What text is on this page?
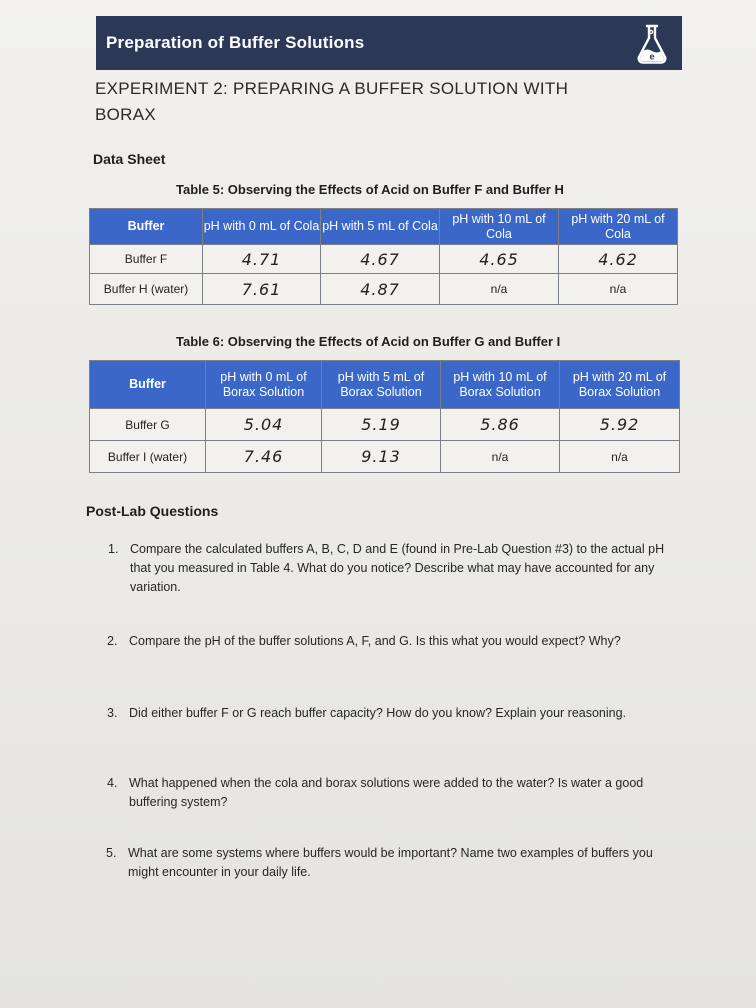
Preparation of Buffer Solutions
e
EXPERIMENT 2: PREPARING A BUFFER SOLUTION WITH
BORAX
Data Sheet
Table 5: Observing the Effects of Acid on Buffer F and Buffer H
Buffer	pH with 0 mL of Cola	pH with 5 mL of Cola	pH with 10 mL of Cola	pH with 20 mL of Cola
Buffer F	4.71	4.67	4.65	4.62
Buffer H (water)	7.61	4.87	n/a	n/a
Table 6: Observing the Effects of Acid on Buffer G and Buffer I
Buffer	pH with 0 mL of Borax Solution	pH with 5 mL of Borax Solution	pH with 10 mL of Borax Solution	pH with 20 mL of Borax Solution
Buffer G	5.04	5.19	5.86	5.92
Buffer I (water)	7.46	9.13	n/a	n/a
Post-Lab Questions
1. Compare the calculated buffers A, B, C, D and E (found in Pre-Lab Question #3) to the actual pH that you measured in Table 4. What do you notice? Describe what may have accounted for any variation.
2. Compare the pH of the buffer solutions A, F, and G. Is this what you would expect? Why?
3. Did either buffer F or G reach buffer capacity? How do you know? Explain your reasoning.
4. What happened when the cola and borax solutions were added to the water? Is water a good buffering system?
5. What are some systems where buffers would be important? Name two examples of buffers you might encounter in your daily life.
